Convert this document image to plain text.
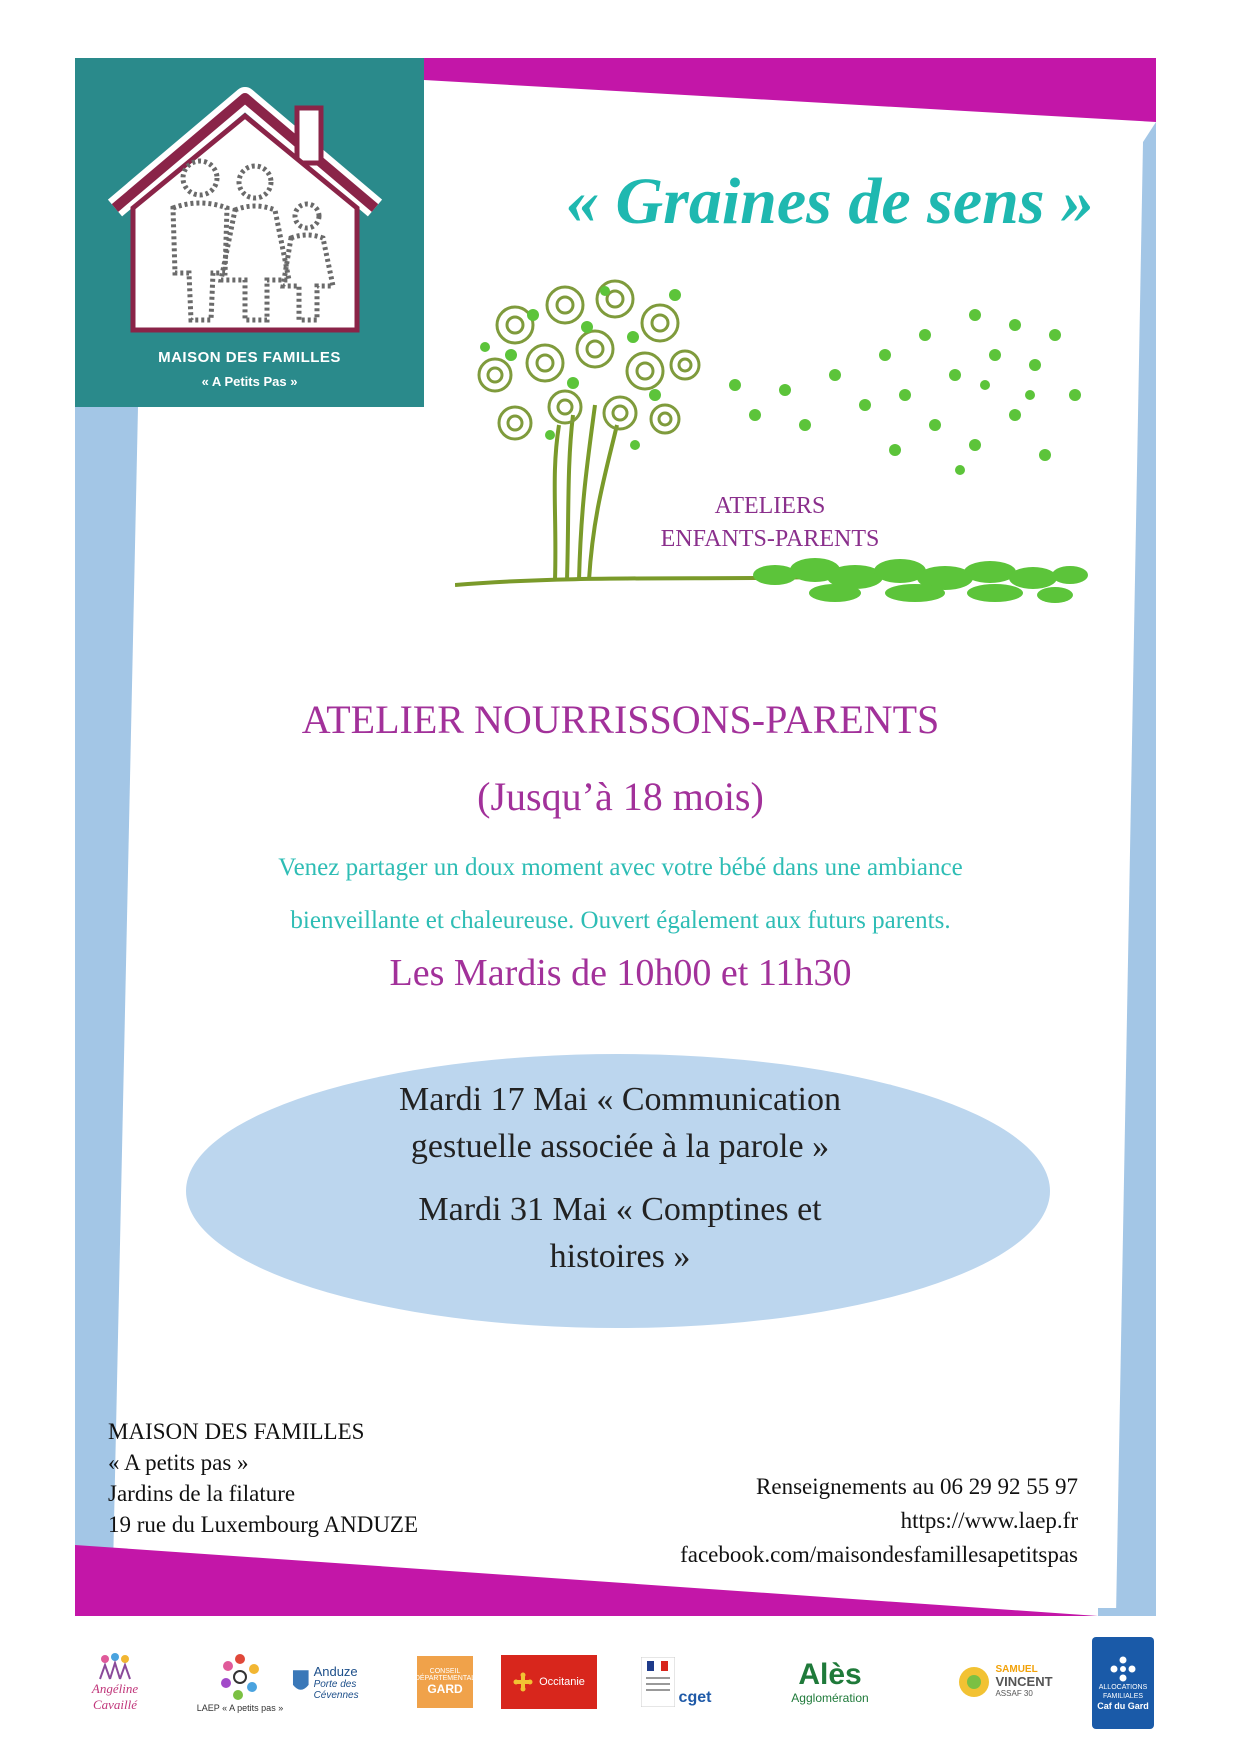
MAISON DES FAMILLES
« A Petits Pas »
« Graines de sens »
ATELIERS
ENFANTS-PARENTS
ATELIER NOURRISSONS-PARENTS
(Jusqu’à 18 mois)
Venez partager un doux moment avec votre bébé dans une ambiance
bienveillante et chaleureuse. Ouvert également aux futurs parents.
Les Mardis de 10h00 et 11h30
Mardi 17 Mai « Communication
gestuelle associée à la parole »
Mardi 31 Mai « Comptines et
histoires »
MAISON DES FAMILLES
« A petits pas »
Jardins de la filature
19 rue du Luxembourg ANDUZE
Renseignements au 06 29 92 55 97
https://www.laep.fr
facebook.com/maisondesfamillesapetitspas
Angéline Cavaillé	LAEP « A petits pas »
Anduze
Porte des Cévennes
CONSEIL DÉPARTEMENTAL
GARD	Occitanie
cget
Alès
Agglomération
SAMUEL
VINCENT
ASSAF 30
ALLOCATIONS FAMILIALES
Caf du Gard
